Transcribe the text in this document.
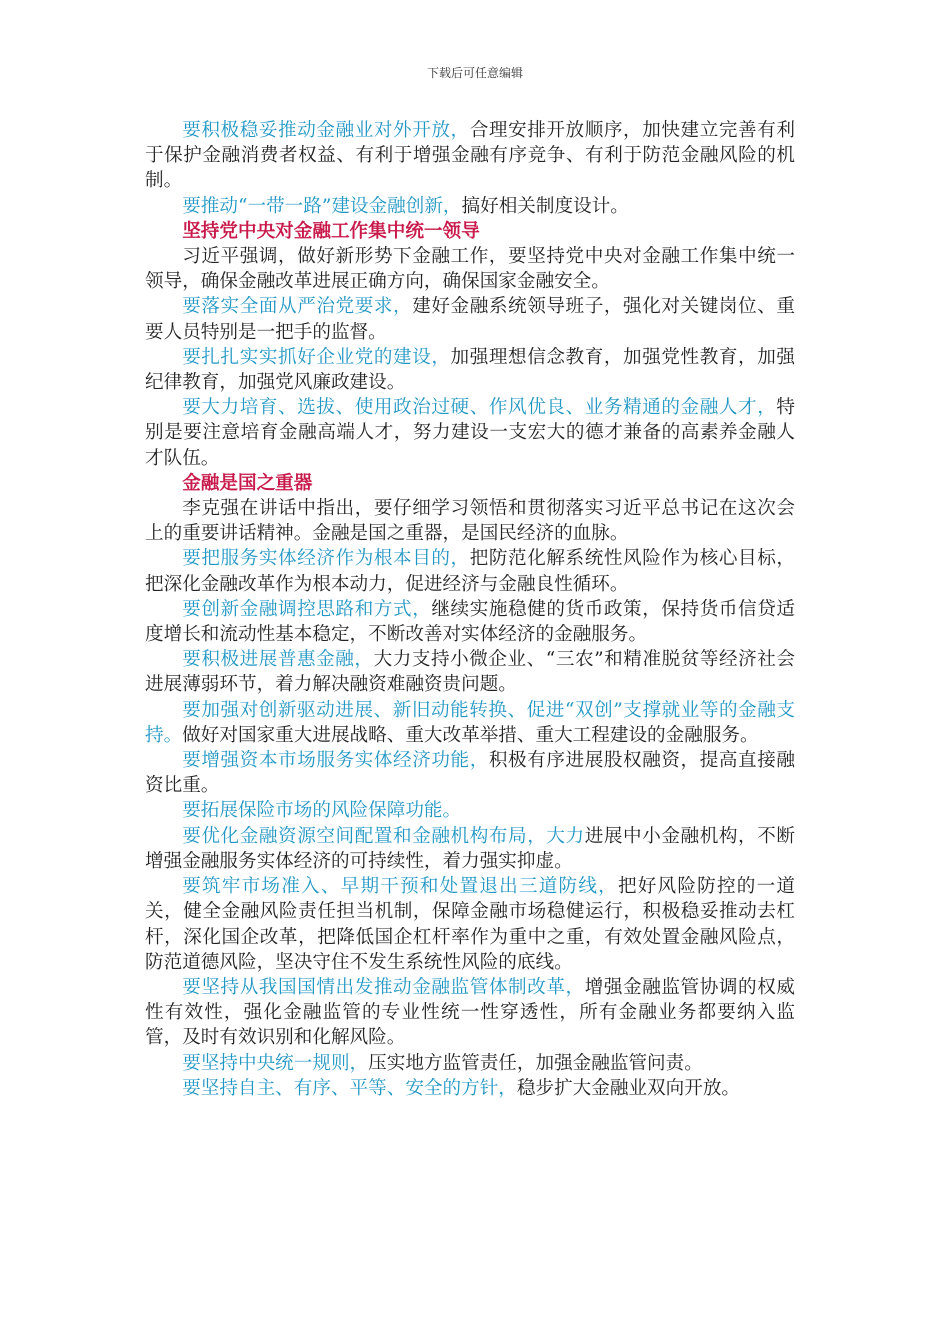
下载后可任意编辑

要积极稳妥推动金融业对外开放，合理安排开放顺序，加快建立完善有利于保护金融消费者权益、有利于增强金融有序竞争、有利于防范金融风险的机制。

要推动“一带一路”建设金融创新，搞好相关制度设计。

坚持党中央对金融工作集中统一领导

习近平强调，做好新形势下金融工作，要坚持党中央对金融工作集中统一领导，确保金融改革进展正确方向，确保国家金融安全。

要落实全面从严治党要求，建好金融系统领导班子，强化对关键岗位、重要人员特别是一把手的监督。

要扎扎实实抓好企业党的建设，加强理想信念教育，加强党性教育，加强纪律教育，加强党风廉政建设。

要大力培育、选拔、使用政治过硬、作风优良、业务精通的金融人才，特别是要注意培育金融高端人才，努力建设一支宏大的德才兼备的高素养金融人才队伍。

金融是国之重器

李克强在讲话中指出，要仔细学习领悟和贯彻落实习近平总书记在这次会上的重要讲话精神。金融是国之重器，是国民经济的血脉。

要把服务实体经济作为根本目的，把防范化解系统性风险作为核心目标，把深化金融改革作为根本动力，促进经济与金融良性循环。

要创新金融调控思路和方式，继续实施稳健的货币政策，保持货币信贷适度增长和流动性基本稳定，不断改善对实体经济的金融服务。

要积极进展普惠金融，大力支持小微企业、“三农”和精准脱贫等经济社会进展薄弱环节，着力解决融资难融资贵问题。

要加强对创新驱动进展、新旧动能转换、促进“双创”支撑就业等的金融支持。做好对国家重大进展战略、重大改革举措、重大工程建设的金融服务。

要增强资本市场服务实体经济功能，积极有序进展股权融资，提高直接融资比重。

要拓展保险市场的风险保障功能。

要优化金融资源空间配置和金融机构布局，大力进展中小金融机构，不断增强金融服务实体经济的可持续性，着力强实抑虚。

要筑牢市场准入、早期干预和处置退出三道防线，把好风险防控的一道关，健全金融风险责任担当机制，保障金融市场稳健运行，积极稳妥推动去杠杆，深化国企改革，把降低国企杠杆率作为重中之重，有效处置金融风险点，防范道德风险，坚决守住不发生系统性风险的底线。

要坚持从我国国情出发推动金融监管体制改革，增强金融监管协调的权威性有效性，强化金融监管的专业性统一性穿透性，所有金融业务都要纳入监管，及时有效识别和化解风险。

要坚持中央统一规则，压实地方监管责任，加强金融监管问责。

要坚持自主、有序、平等、安全的方针，稳步扩大金融业双向开放。
